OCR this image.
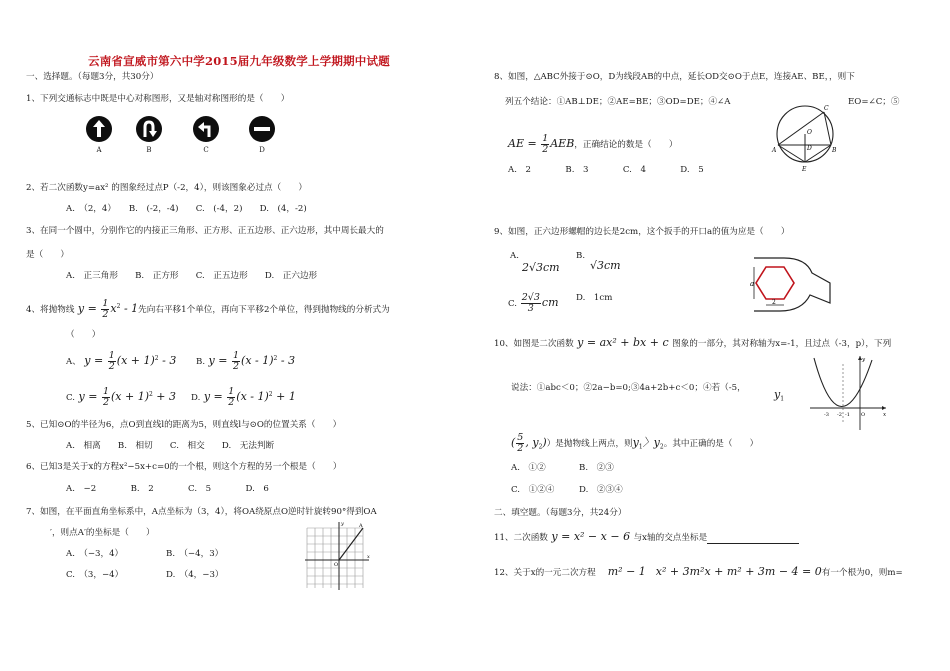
云南省宣威市第六中学2015届九年级数学上学期期中试题
一、选择题。（每题3分，共30分）
1、下列交通标志中既是中心对称图形，又是轴对称图形的是（　　）
A	B	C	D
2、若二次函数y=ax² 的图象经过点P（-2，4），则该图象必过点（　　）
A.　（2，4）　　B.　(-2，-4)　　C.　(-4，2)　　D.　(4，-2)
3、在同一个圆中，分别作它的内接正三角形、正方形、正五边形、正六边形，其中周长最大的
是（　　）
A.　正三角形　　B.　正方形　　C.　正五边形　　D.　正六边形
4、将抛物线 $y = \frac{1}{2} x^2 - 1$先向右平移1个单位，再向下平移2个单位，得到抛物线的分析式为
（　　）
A、 $y = \frac{1}{2} (x + 1)^2 - 3$ B. $y = \frac{1}{2} (x - 1)^2 - 3$
C. $y = \frac{1}{2} (x + 1)^2 + 3$ D. $y = \frac{1}{2} (x - 1)^2 + 1$
5、已知⊙O的半径为6，点O到直线l的距离为5，则直线l与⊙O的位置关系（　　）
A.　相离　　B.　相切　　C.　相交　　D.　无法判断
6、已知3是关于x的方程x²−5x+c=0的一个根，则这个方程的另一个根是（　　）
A.　−2　　　　B.　2　　　　C.　5　　　　D.　6
7、如图，在平面直角坐标系中，A点坐标为（3，4），将OA绕原点O逆时针旋转90°得到OA
′，则点A′的坐标是（　　）
A.　（−3，4）	B.　（−4，3）
C.　（3，−4）	D.　（4，−3）
x
y	A
O
8、如图，△ABC外接于⊙O，D为线段AB的中点，延长OD交⊙O于点E，连接AE、BE，，则下
列五个结论：①AB⊥DE；②AE=BE；③OD=DE；④∠A	EO=∠C；⑤
AE = $\frac{1}{2}$ AEB，正确结论的数是（　　）
A.　2　　　　B.　3　　　　C.　4　　　　D.　5
A	B
C
D
O
E
9、如图，正六边形螺帽的边长是2cm，这个扳手的开口a的值为应是（　　）
A.
2√3cm
B.
√3cm
C. $\frac{2√3}{3}$ cm D.　1cm
a
2
10、如图是二次函数 y = ax² + bx + c 图象的一部分，其对称轴为x=-1，且过点（-3，p），下列
说法：①abc＜0；②2a−b=0;③4a+2b+c＜0；④若（-5，	$y_1$
( $\frac{5}{2}$ , $y_2$)）是抛物线上两点，则$y_1$〉$y_2$。其中正确的是（　　）
A.　①②	B.　②③
C.　①②④	D.　②③④
y
x
-3 -2 -1 O
二、填空题。（每题3分，共24分）
11、二次函数 y = x² − x − 6 与x轴的交点坐标是
12、关于x的一元二次方程 m² − 1 x² + 3m²x + m² + 3m − 4 = 0有一个根为0，则m=
